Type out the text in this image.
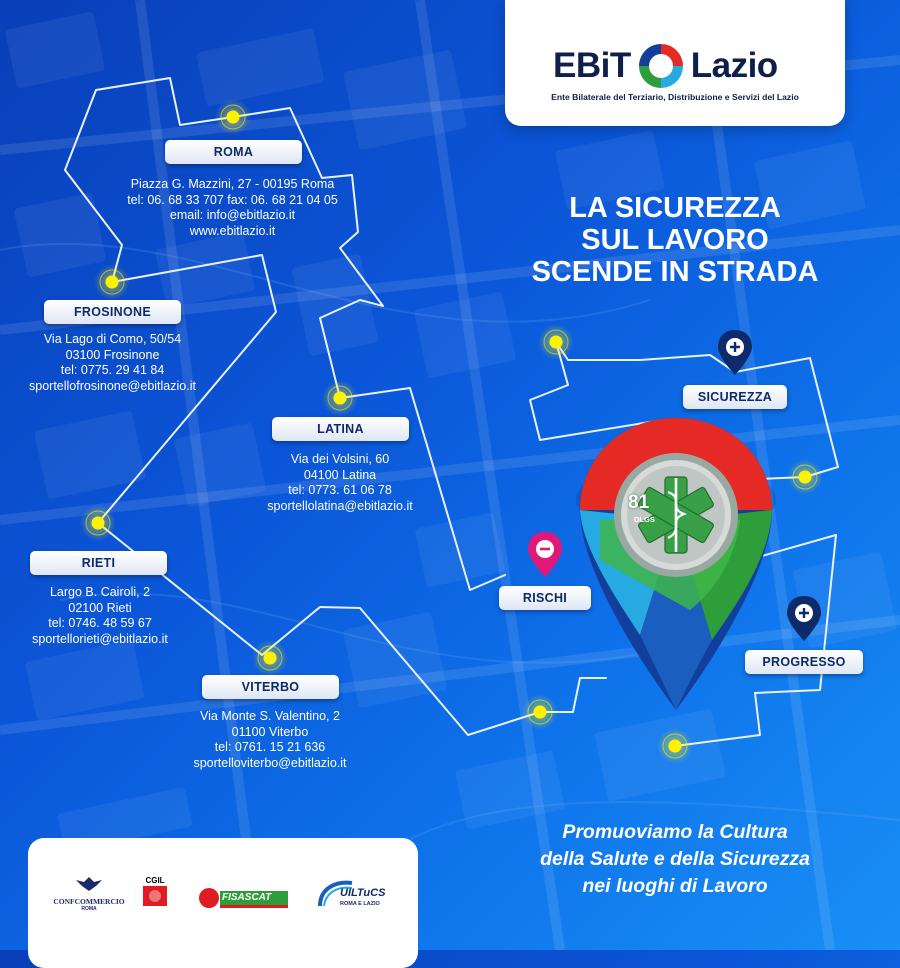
81
DLGS
EBiT Lazio
Ente Bilaterale del Terziario, Distribuzione e Servizi del Lazio
LA SICUREZZA
SUL LAVORO
SCENDE IN STRADA
ROMA
Piazza G. Mazzini, 27 - 00195 Roma
tel: 06. 68 33 707 fax: 06. 68 21 04 05
email: info@ebitlazio.it
www.ebitlazio.it
FROSINONE
Via Lago di Como, 50/54
03100 Frosinone
tel: 0775. 29 41 84
sportellofrosinone@ebitlazio.it
LATINA
Via dei Volsini, 60
04100 Latina
tel: 0773. 61 06 78
sportellolatina@ebitlazio.it
RIETI
Largo B. Cairoli, 2
02100 Rieti
tel: 0746. 48 59 67
sportellorieti@ebitlazio.it
VITERBO
Via Monte S. Valentino, 2
01100 Viterbo
tel: 0761. 15 21 636
sportelloviterbo@ebitlazio.it
SICUREZZA
RISCHI
PROGRESSO
Promuoviamo la Cultura
della Salute e della Sicurezza
nei luoghi di Lavoro
CONFCOMMERCIO
ROMA
CGIL
FISASCAT	UILTuCS
ROMA E LAZIO
